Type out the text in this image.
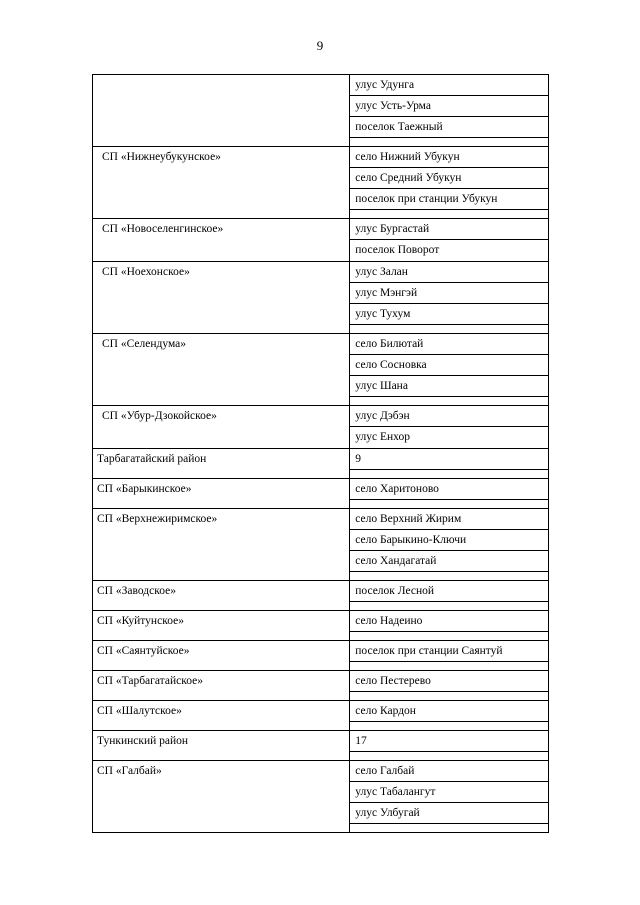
9

	улус Удунга
улус Усть-Урма
поселок Таежный

СП «Нижнеубукунское»	село Нижний Убукун
село Средний Убукун
поселок при станции Убукун

СП «Новоселенгинское»	улус Бургастай
поселок Поворот

СП «Ноехонское»	улус Залан
улус Мэнгэй
улус Тухум

СП «Селендума»	село Билютай
село Сосновка
улус Шана

СП «Убур-Дзокойское»	улус Дэбэн
улус Енхор

Тарбагатайский район	9

СП «Барыкинское»	село Харитоново

СП «Верхнежиримское»	село Верхний Жирим
село Барыкино-Ключи
село Хандагатай

СП «Заводское»	поселок Лесной

СП «Куйтунское»	село Надеино

СП «Саянтуйское»	поселок при станции Саянтуй

СП «Тарбагатайское»	село Пестерево

СП «Шалутское»	село Кардон

Тункинский район	17

СП «Галбай»	село Галбай
улус Табалангут
улус Улбугай
